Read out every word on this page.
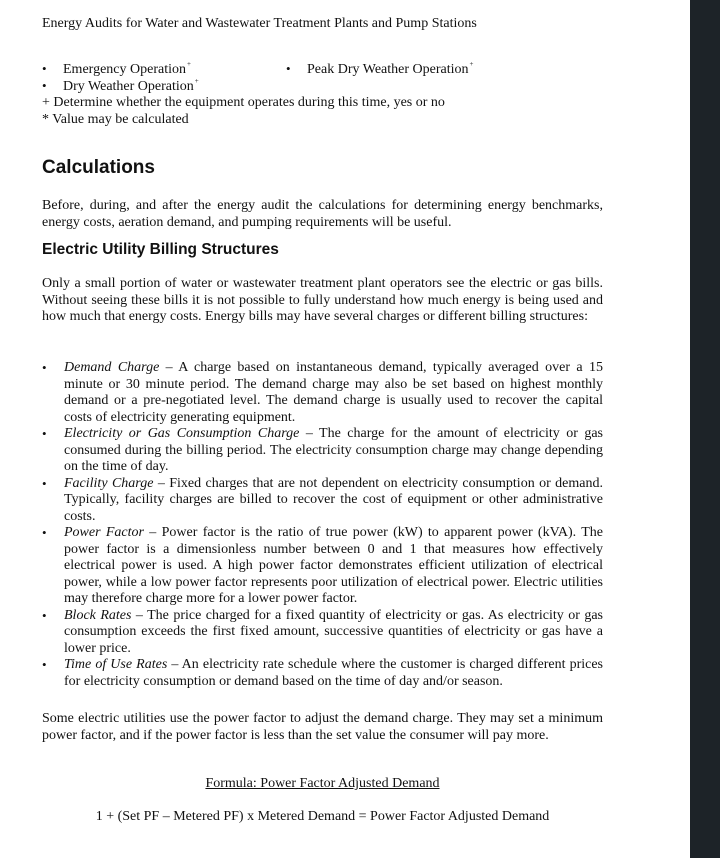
Energy Audits for Water and Wastewater Treatment Plants and Pump Stations
• Emergency Operation+	• Peak Dry Weather Operation+
• Dry Weather Operation+
+ Determine whether the equipment operates during this time, yes or no
* Value may be calculated
Calculations

Before, during, and after the energy audit the calculations for determining energy benchmarks, energy costs, aeration demand, and pumping requirements will be useful.

Electric Utility Billing Structures

Only a small portion of water or wastewater treatment plant operators see the electric or gas bills. Without seeing these bills it is not possible to fully understand how much energy is being used and how much that energy costs. Energy bills may have several charges or different billing structures:

• Demand Charge – A charge based on instantaneous demand, typically averaged over a 15 minute or 30 minute period. The demand charge may also be set based on highest monthly demand or a pre-negotiated level. The demand charge is usually used to recover the capital costs of electricity generating equipment.
• Electricity or Gas Consumption Charge – The charge for the amount of electricity or gas consumed during the billing period. The electricity consumption charge may change depending on the time of day.
• Facility Charge – Fixed charges that are not dependent on electricity consumption or demand. Typically, facility charges are billed to recover the cost of equipment or other administrative costs.
• Power Factor – Power factor is the ratio of true power (kW) to apparent power (kVA). The power factor is a dimensionless number between 0 and 1 that measures how effectively electrical power is used. A high power factor demonstrates efficient utilization of electrical power, while a low power factor represents poor utilization of electrical power. Electric utilities may therefore charge more for a lower power factor.
• Block Rates – The price charged for a fixed quantity of electricity or gas. As electricity or gas consumption exceeds the first fixed amount, successive quantities of electricity or gas have a lower price.
• Time of Use Rates – An electricity rate schedule where the customer is charged different prices for electricity consumption or demand based on the time of day and/or season.

Some electric utilities use the power factor to adjust the demand charge. They may set a minimum power factor, and if the power factor is less than the set value the consumer will pay more.

Formula: Power Factor Adjusted Demand
1 + (Set PF – Metered PF) x Metered Demand = Power Factor Adjusted Demand
